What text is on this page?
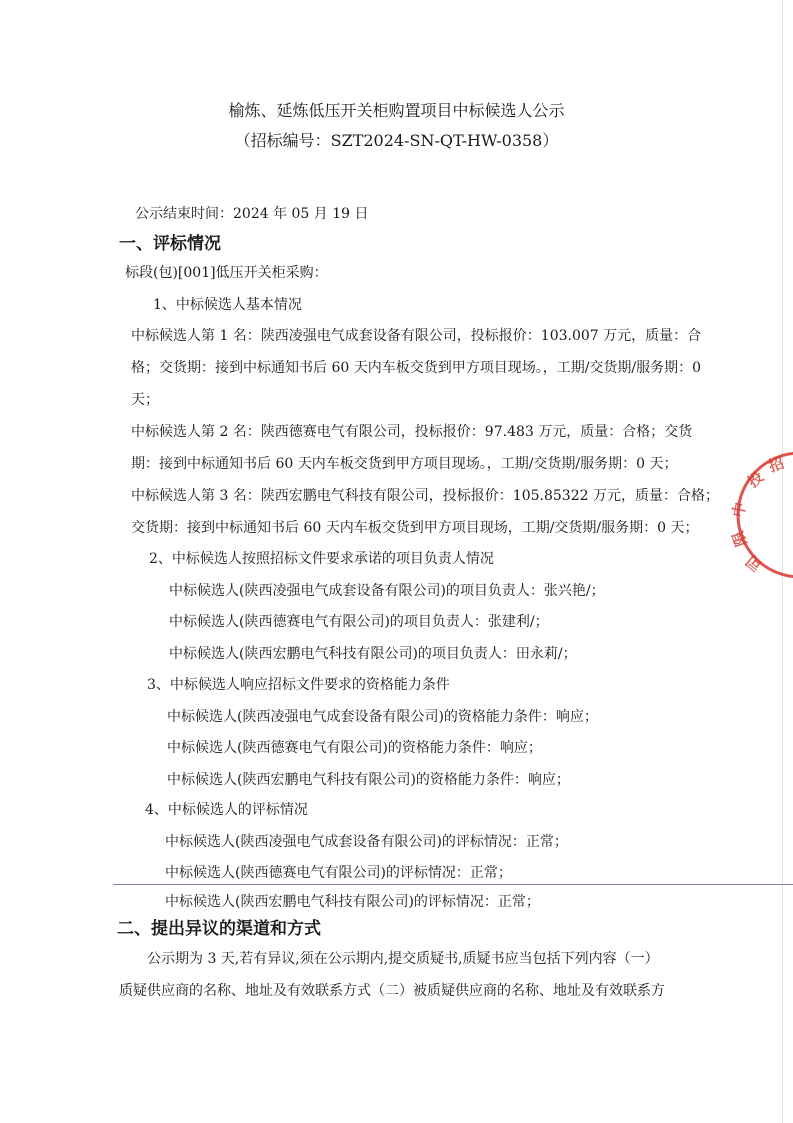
榆炼、延炼低压开关柜购置项目中标候选人公示
（招标编号：SZT2024-SN-QT-HW-0358）
公示结束时间：2024 年 05 月 19 日
一、评标情况
标段(包)[001]低压开关柜采购：
1、中标候选人基本情况
中标候选人第 1 名：陕西凌强电气成套设备有限公司，投标报价：103.007 万元，质量：合
格；交货期：接到中标通知书后 60 天内车板交货到甲方项目现场。，工期/交货期/服务期：0
天；
中标候选人第 2 名：陕西德赛电气有限公司，投标报价：97.483 万元，质量：合格；交货
期：接到中标通知书后 60 天内车板交货到甲方项目现场。，工期/交货期/服务期：0 天；
中标候选人第 3 名：陕西宏鹏电气科技有限公司，投标报价：105.85322 万元，质量：合格；
交货期：接到中标通知书后 60 天内车板交货到甲方项目现场，工期/交货期/服务期：0 天；
2、中标候选人按照招标文件要求承诺的项目负责人情况
中标候选人(陕西凌强电气成套设备有限公司)的项目负责人：张兴艳/；
中标候选人(陕西德赛电气有限公司)的项目负责人：张建利/；
中标候选人(陕西宏鹏电气科技有限公司)的项目负责人：田永莉/；
3、中标候选人响应招标文件要求的资格能力条件
中标候选人(陕西凌强电气成套设备有限公司)的资格能力条件：响应；
中标候选人(陕西德赛电气有限公司)的资格能力条件：响应；
中标候选人(陕西宏鹏电气科技有限公司)的资格能力条件：响应；
4、中标候选人的评标情况
中标候选人(陕西凌强电气成套设备有限公司)的评标情况：正常；
中标候选人(陕西德赛电气有限公司)的评标情况：正常；
中标候选人(陕西宏鹏电气科技有限公司)的评标情况：正常；
二、提出异议的渠道和方式
公示期为 3 天,若有异议,须在公示期内,提交质疑书,质疑书应当包括下列内容（一）
质疑供应商的名称、地址及有效联系方式（二）被质疑供应商的名称、地址及有效联系方
投
招
中
限
司
